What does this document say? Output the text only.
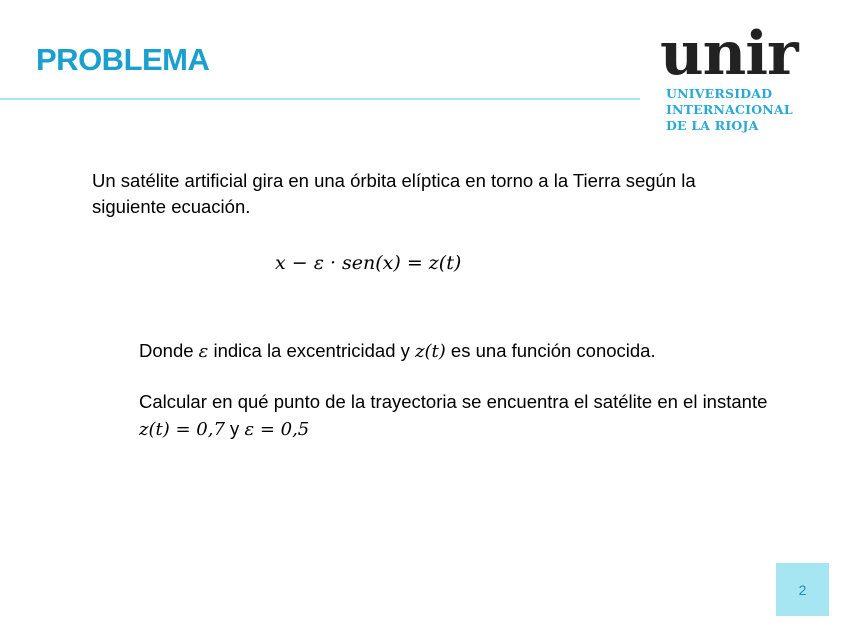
PROBLEMA	unir
UNIVERSIDAD
INTERNACIONAL
DE LA RIOJA

Un satélite artificial gira en una órbita elíptica en torno a la Tierra según la siguiente ecuación.

x − ε · sen(x) = z(t)

Donde ε indica la excentricidad y z(t) es una función conocida.

Calcular en qué punto de la trayectoria se encuentra el satélite en el instante z(t) = 0,7 y ε = 0,5

2
